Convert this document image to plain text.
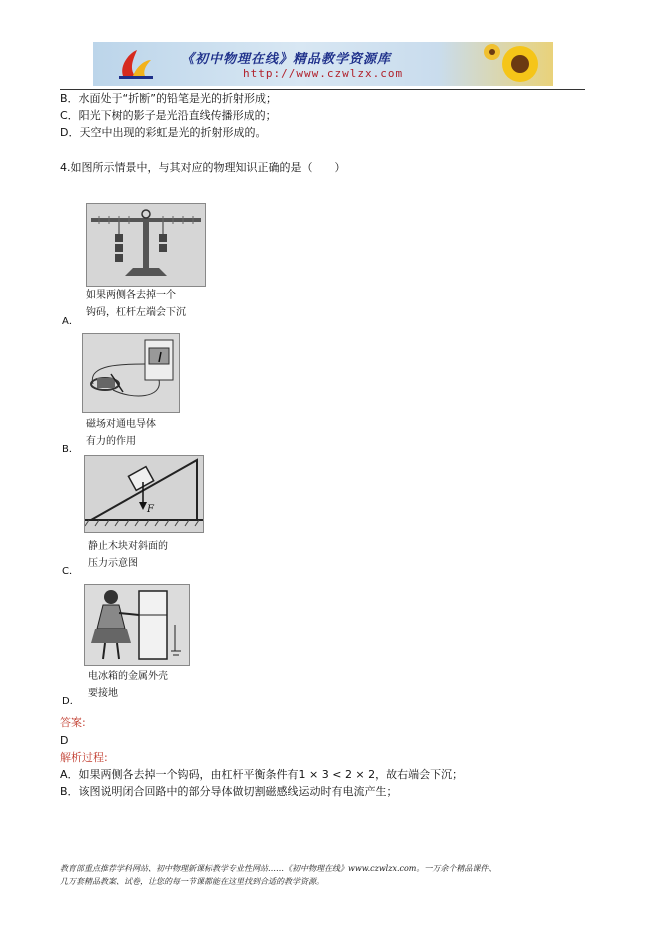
《初中物理在线》精品教学资源库
http://www.czwlzx.com
B．水面处于“折断”的铅笔是光的折射形成；
C．阳光下树的影子是光沿直线传播形成的；
D．天空中出现的彩虹是光的折射形成的。
4.如图所示情景中，与其对应的物理知识正确的是（　　）
如果两侧各去掉一个
钩码，杠杆左端会下沉
A．
磁场对通电导体
有力的作用
B．
F
静止木块对斜面的
压力示意图
C．
电冰箱的金属外壳
要接地
D．
答案:
D
解析过程:
A．如果两侧各去掉一个钩码，由杠杆平衡条件有1 × 3 < 2 × 2，故右端会下沉；
B．该图说明闭合回路中的部分导体做切割磁感线运动时有电流产生；
教育部重点推荐学科网站、初中物理新课标教学专业性网站……《初中物理在线》www.czwlzx.com。一万余个精品课件、
几万套精品教案、试卷，让您的每一节课都能在这里找到合适的教学资源。
